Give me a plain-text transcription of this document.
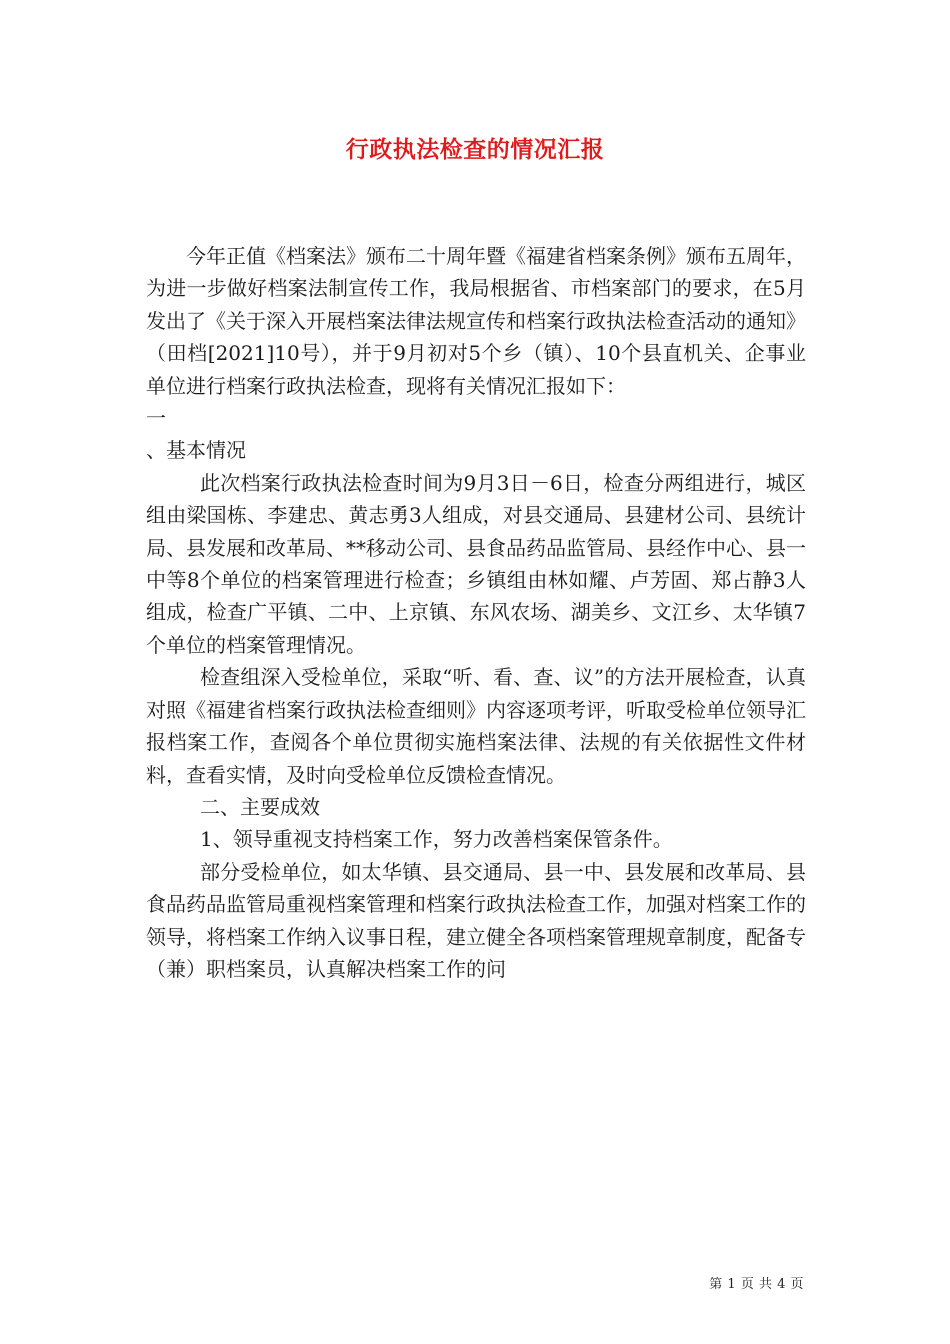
行政执法检查的情况汇报

今年正值《档案法》颁布二十周年暨《福建省档案条例》颁布五周年，为进一步做好档案法制宣传工作，我局根据省、市档案部门的要求，在5月发出了《关于深入开展档案法律法规宣传和档案行政执法检查活动的通知》（田档[2021]10号），并于9月初对5个乡（镇）、10个县直机关、企事业单位进行档案行政执法检查，现将有关情况汇报如下：

一

、基本情况

此次档案行政执法检查时间为9月3日－6日，检查分两组进行，城区组由梁国栋、李建忠、黄志勇3人组成，对县交通局、县建材公司、县统计局、县发展和改革局、**移动公司、县食品药品监管局、县经作中心、县一中等8个单位的档案管理进行检查；乡镇组由林如耀、卢芳固、郑占静3人组成，检查广平镇、二中、上京镇、东风农场、湖美乡、文江乡、太华镇7个单位的档案管理情况。

检查组深入受检单位，采取“听、看、查、议”的方法开展检查，认真对照《福建省档案行政执法检查细则》内容逐项考评，听取受检单位领导汇报档案工作，查阅各个单位贯彻实施档案法律、法规的有关依据性文件材料，查看实情，及时向受检单位反馈检查情况。

二、主要成效

1、领导重视支持档案工作，努力改善档案保管条件。

部分受检单位，如太华镇、县交通局、县一中、县发展和改革局、县食品药品监管局重视档案管理和档案行政执法检查工作，加强对档案工作的领导，将档案工作纳入议事日程，建立健全各项档案管理规章制度，配备专（兼）职档案员，认真解决档案工作的问

第 1 页 共 4 页
